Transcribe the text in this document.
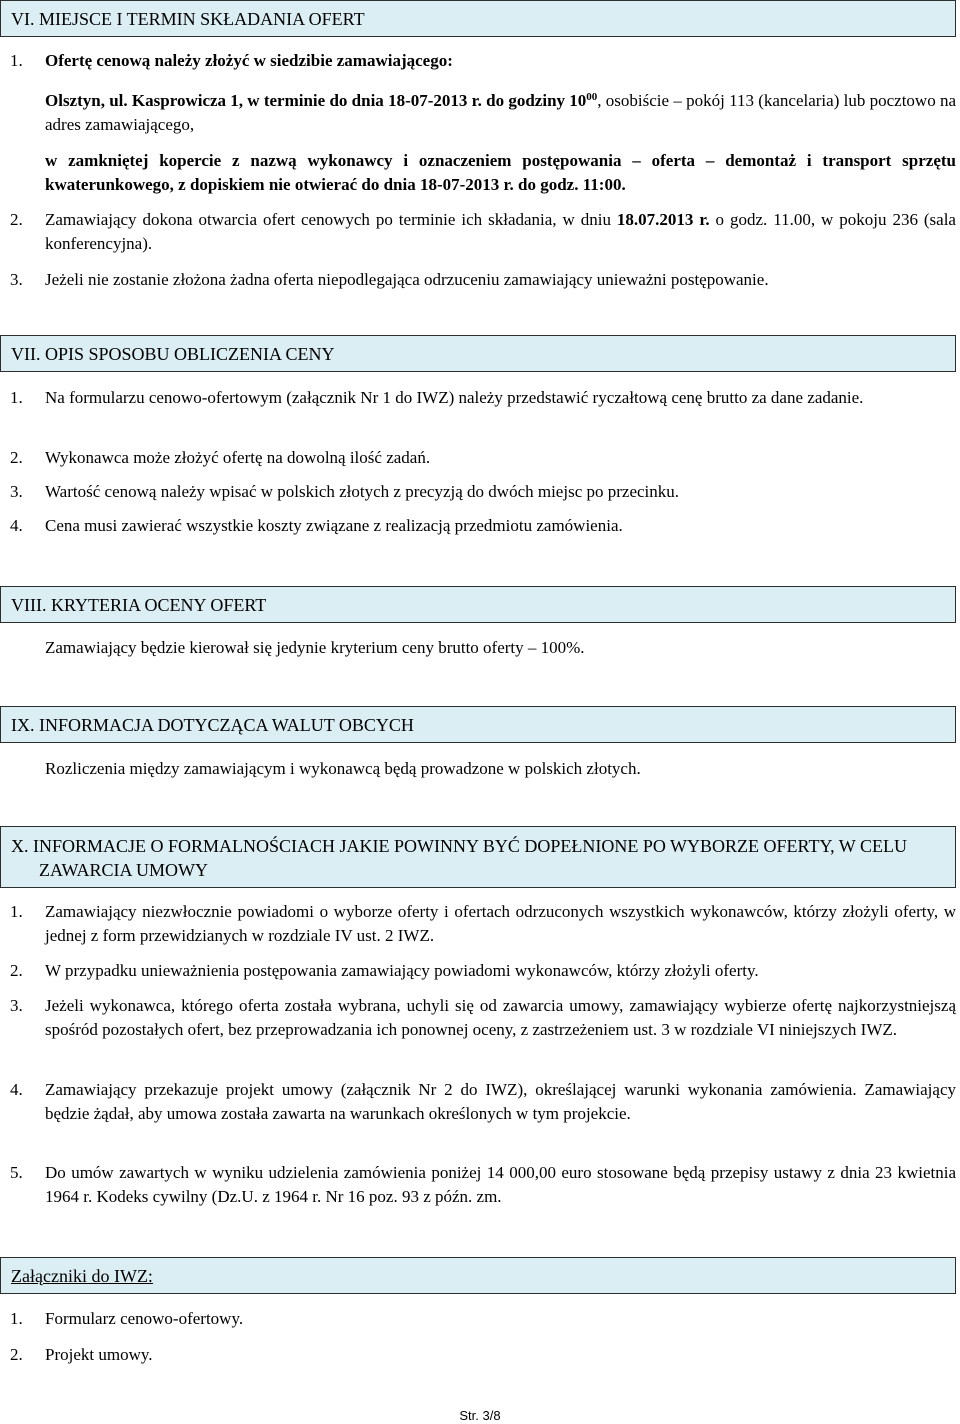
VI. MIEJSCE I TERMIN SKŁADANIA OFERT
1.	Ofertę cenową należy złożyć w siedzibie zamawiającego:
Olsztyn, ul. Kasprowicza 1, w terminie do dnia 18-07-2013 r. do godziny $10^{00}$, osobiście – pokój 113 (kancelaria) lub pocztowo na adres zamawiającego,
w zamkniętej kopercie z nazwą wykonawcy i oznaczeniem postępowania – oferta – demontaż i transport sprzętu kwaterunkowego, z dopiskiem nie otwierać do dnia 18-07-2013 r. do godz. 11:00.
2.	Zamawiający dokona otwarcia ofert cenowych po terminie ich składania, w dniu 18.07.2013 r. o godz. 11.00, w pokoju 236 (sala konferencyjna).
3.	Jeżeli nie zostanie złożona żadna oferta niepodlegająca odrzuceniu zamawiający unieważni postępowanie.
VII. OPIS SPOSOBU OBLICZENIA CENY
1.	Na formularzu cenowo-ofertowym (załącznik Nr 1 do IWZ) należy przedstawić ryczałtową cenę brutto za dane zadanie.
2.	Wykonawca może złożyć ofertę na dowolną ilość zadań.
3.	Wartość cenową należy wpisać w polskich złotych z precyzją do dwóch miejsc po przecinku.
4.	Cena musi zawierać wszystkie koszty związane z realizacją przedmiotu zamówienia.
VIII. KRYTERIA OCENY OFERT
Zamawiający będzie kierował się jedynie kryterium ceny brutto oferty – 100%.
IX. INFORMACJA DOTYCZĄCA WALUT OBCYCH
Rozliczenia między zamawiającym i wykonawcą będą prowadzone w polskich złotych.
X. INFORMACJE O FORMALNOŚCIACH JAKIE POWINNY BYĆ DOPEŁNIONE PO WYBORZE OFERTY, W CELU ZAWARCIA UMOWY
1.	Zamawiający niezwłocznie powiadomi o wyborze oferty i ofertach odrzuconych wszystkich wykonawców, którzy złożyli oferty, w jednej z form przewidzianych w rozdziale IV ust. 2 IWZ.
2.	W przypadku unieważnienia postępowania zamawiający powiadomi wykonawców, którzy złożyli oferty.
3.	Jeżeli wykonawca, którego oferta została wybrana, uchyli się od zawarcia umowy, zamawiający wybierze ofertę najkorzystniejszą spośród pozostałych ofert, bez przeprowadzania ich ponownej oceny, z zastrzeżeniem ust. 3 w rozdziale VI niniejszych IWZ.
4.	Zamawiający przekazuje projekt umowy (załącznik Nr 2 do IWZ), określającej warunki wykonania zamówienia. Zamawiający będzie żądał, aby umowa została zawarta na warunkach określonych w tym projekcie.
5.	Do umów zawartych w wyniku udzielenia zamówienia poniżej 14 000,00 euro stosowane będą przepisy ustawy z dnia 23 kwietnia 1964 r. Kodeks cywilny (Dz.U. z 1964 r. Nr 16 poz. 93 z późn. zm.
Załączniki do IWZ:
1.	Formularz cenowo-ofertowy.
2.	Projekt umowy.
Str. 3/8
